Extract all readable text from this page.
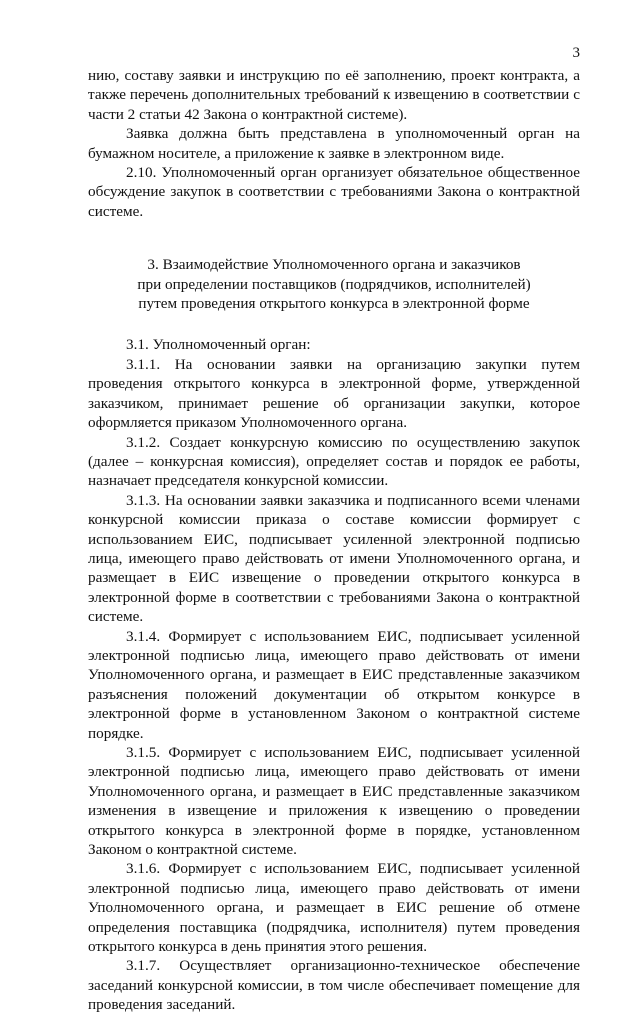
3

нию, составу заявки и инструкцию по её заполнению, проект контракта, а также перечень дополнительных требований к извещению в соответствии с части 2 статьи 42 Закона о контрактной системе).

Заявка должна быть представлена в уполномоченный орган на бумажном носителе, а приложение к заявке в электронном виде.

2.10. Уполномоченный орган организует обязательное общественное обсуждение закупок в соответствии с требованиями Закона о контрактной системе.

3. Взаимодействие Уполномоченного органа и заказчиков
при определении поставщиков (подрядчиков, исполнителей)
путем проведения открытого конкурса в электронной форме

3.1. Уполномоченный орган:

3.1.1. На основании заявки на организацию закупки путем проведения открытого конкурса в электронной форме, утвержденной заказчиком, принимает решение об организации закупки, которое оформляется приказом Уполномоченного органа.

3.1.2. Создает конкурсную комиссию по осуществлению закупок (далее – конкурсная комиссия), определяет состав и порядок ее работы, назначает председателя конкурсной комиссии.

3.1.3. На основании заявки заказчика и подписанного всеми членами конкурсной комиссии приказа о составе комиссии формирует с использованием ЕИС, подписывает усиленной электронной подписью лица, имеющего право действовать от имени Уполномоченного органа, и размещает в ЕИС извещение о проведении открытого конкурса в электронной форме в соответствии с требованиями Закона о контрактной системе.

3.1.4. Формирует с использованием ЕИС, подписывает усиленной электронной подписью лица, имеющего право действовать от имени Уполномоченного органа, и размещает в ЕИС представленные заказчиком разъяснения положений документации об открытом конкурсе в электронной форме в установленном Законом о контрактной системе порядке.

3.1.5. Формирует с использованием ЕИС, подписывает усиленной электронной подписью лица, имеющего право действовать от имени Уполномоченного органа, и размещает в ЕИС представленные заказчиком изменения в извещение и приложения к извещению о проведении открытого конкурса в электронной форме в порядке, установленном Законом о контрактной системе.

3.1.6. Формирует с использованием ЕИС, подписывает усиленной электронной подписью лица, имеющего право действовать от имени Уполномоченного органа, и размещает в ЕИС решение об отмене определения поставщика (подрядчика, исполнителя) путем проведения открытого конкурса в день принятия этого решения.

3.1.7. Осуществляет организационно-техническое обеспечение заседаний конкурсной комиссии, в том числе обеспечивает помещение для проведения заседаний.
